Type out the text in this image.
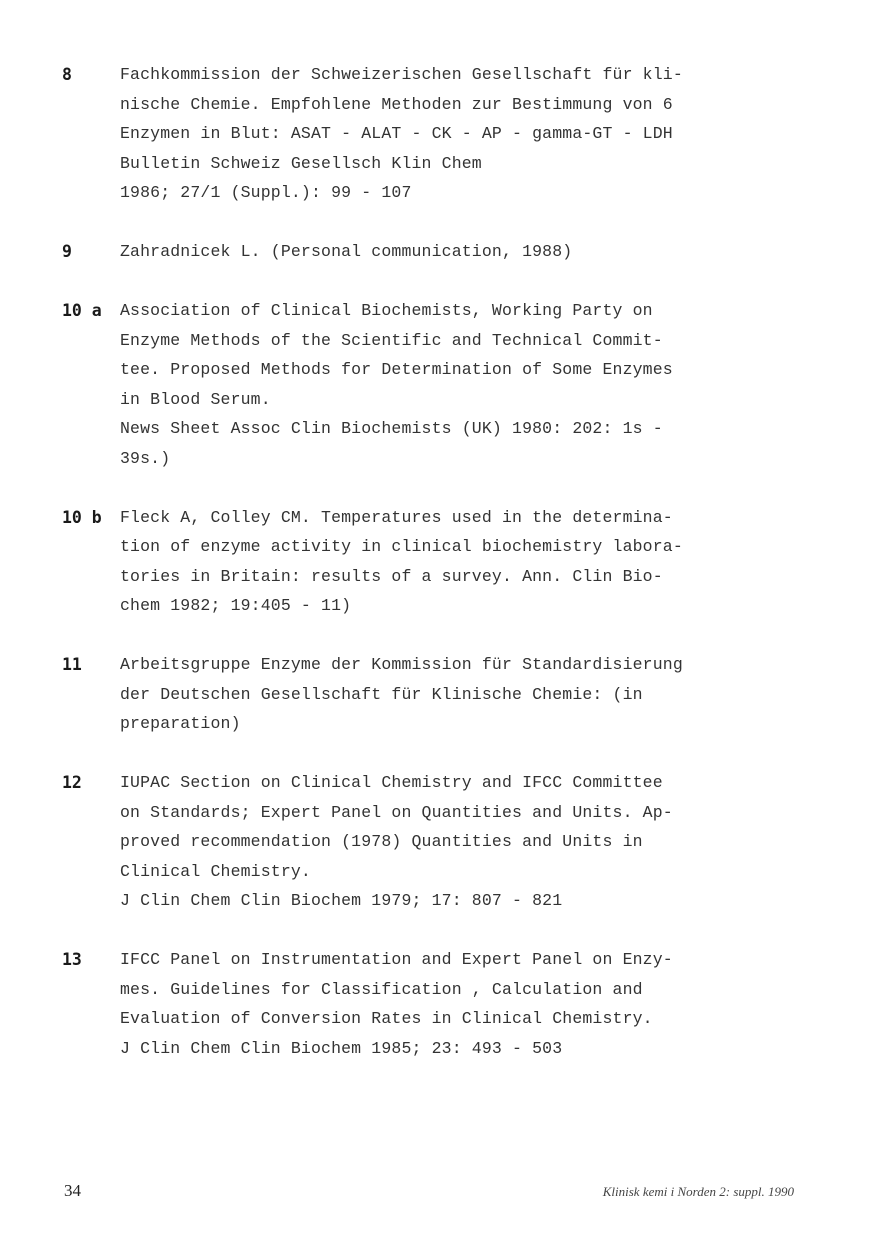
8	Fachkommission der Schweizerischen Gesellschaft für kli-
nische Chemie. Empfohlene Methoden zur Bestimmung von 6
Enzymen in Blut: ASAT - ALAT - CK - AP - gamma-GT - LDH
Bulletin Schweiz Gesellsch Klin Chem
1986; 27/1 (Suppl.): 99 - 107
9	Zahradnicek L. (Personal communication, 1988)
10 a	Association of Clinical Biochemists, Working Party on
Enzyme Methods of the Scientific and Technical Commit-
tee. Proposed Methods for Determination of Some Enzymes
in Blood Serum.
News Sheet Assoc Clin Biochemists (UK) 1980: 202: 1s -
39s.)
10 b	Fleck A, Colley CM. Temperatures used in the determina-
tion of enzyme activity in clinical biochemistry labora-
tories in Britain: results of a survey. Ann. Clin Bio-
chem 1982; 19:405 - 11)
11	Arbeitsgruppe Enzyme der Kommission für Standardisierung
der Deutschen Gesellschaft für Klinische Chemie: (in
preparation)
12	IUPAC Section on Clinical Chemistry and IFCC Committee
on Standards; Expert Panel on Quantities and Units. Ap-
proved recommendation (1978) Quantities and Units in
Clinical Chemistry.
J Clin Chem Clin Biochem 1979; 17: 807 - 821
13	IFCC Panel on Instrumentation and Expert Panel on Enzy-
mes. Guidelines for Classification , Calculation and
Evaluation of Conversion Rates in Clinical Chemistry.
J Clin Chem Clin Biochem 1985; 23: 493 - 503
34	Klinisk kemi i Norden 2: suppl. 1990
